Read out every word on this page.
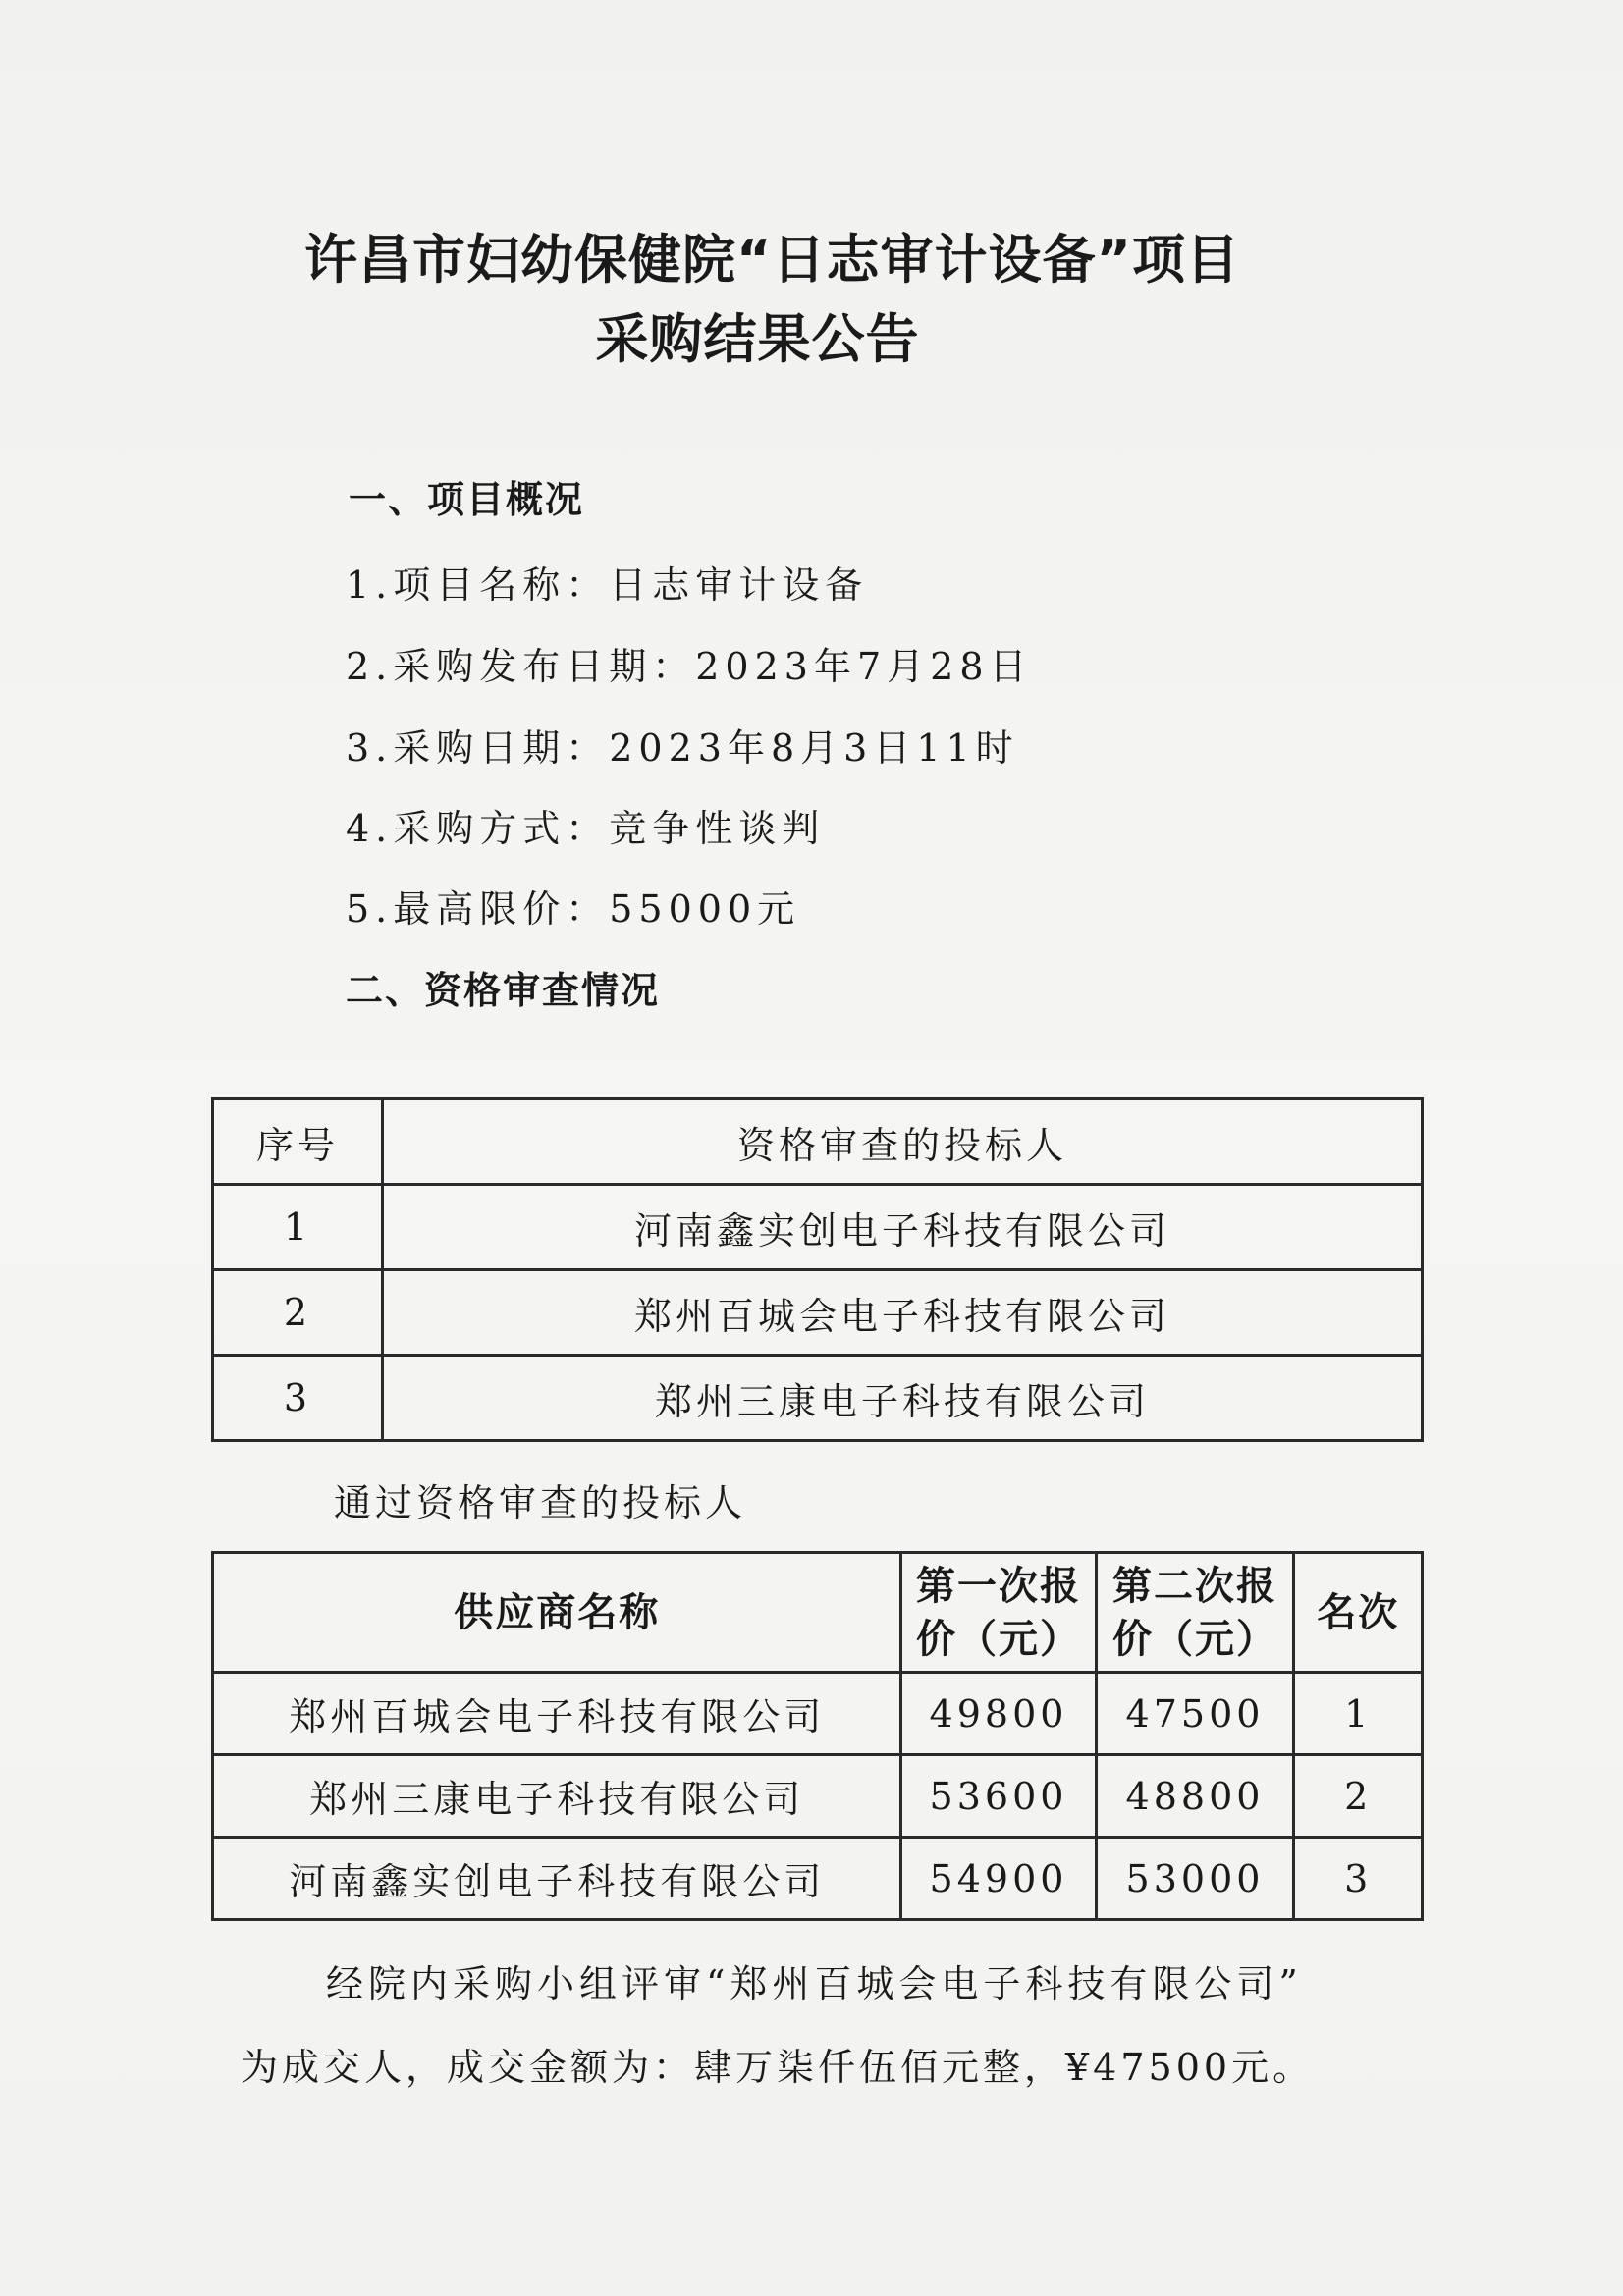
许昌市妇幼保健院“日志审计设备”项目
采购结果公告
一、项目概况
1.项目名称：日志审计设备
2.采购发布日期：2023年7月28日
3.采购日期：2023年8月3日11时
4.采购方式：竞争性谈判
5.最高限价：55000元
二、资格审查情况
序号	资格审查的投标人
1	河南鑫实创电子科技有限公司
2	郑州百城会电子科技有限公司
3	郑州三康电子科技有限公司
通过资格审查的投标人
供应商名称	第一次报价（元）	第二次报价（元）	名次
郑州百城会电子科技有限公司	49800	47500	1
郑州三康电子科技有限公司	53600	48800	2
河南鑫实创电子科技有限公司	54900	53000	3
经院内采购小组评审“郑州百城会电子科技有限公司”
为成交人，成交金额为：肆万柒仟伍佰元整，¥47500元。
